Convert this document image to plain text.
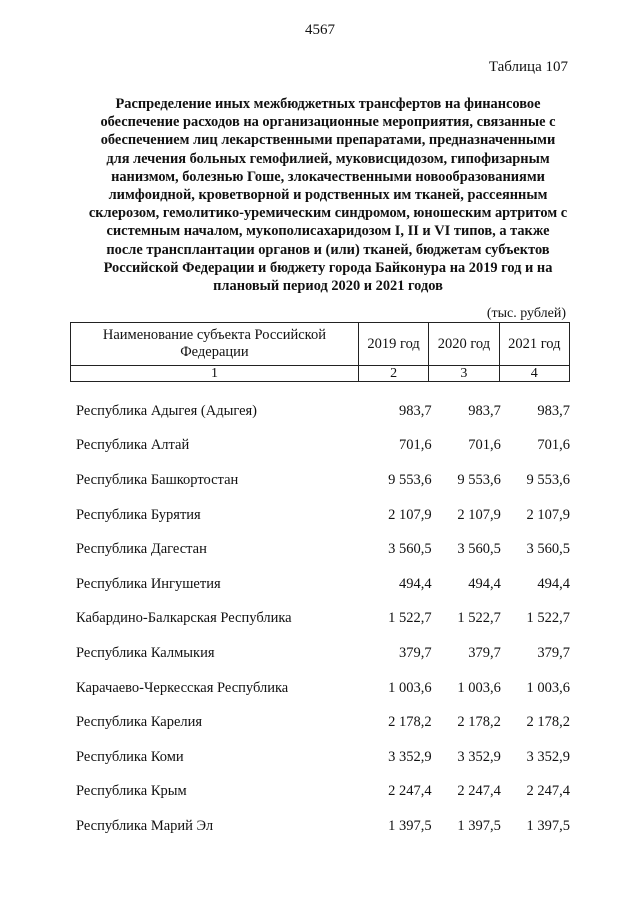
4567
Таблица 107
Распределение иных межбюджетных трансфертов на финансовое обеспечение расходов на организационные мероприятия, связанные с обеспечением лиц лекарственными препаратами, предназначенными для лечения больных гемофилией, муковисцидозом, гипофизарным нанизмом, болезнью Гоше, злокачественными новообразованиями лимфоидной, кроветворной и родственных им тканей, рассеянным склерозом, гемолитико-уремическим синдромом, юношеским артритом с системным началом, мукополисахаридозом I, II и VI типов, а также после трансплантации органов и (или) тканей, бюджетам субъектов Российской Федерации и бюджету города Байконура на 2019 год и на плановый период 2020 и 2021 годов
(тыс. рублей)
Наименование субъекта Российской Федерации	2019 год	2020 год	2021 год
1	2	3	4
Республика Адыгея (Адыгея)	983,7	983,7	983,7
Республика Алтай	701,6	701,6	701,6
Республика Башкортостан	9 553,6	9 553,6	9 553,6
Республика Бурятия	2 107,9	2 107,9	2 107,9
Республика Дагестан	3 560,5	3 560,5	3 560,5
Республика Ингушетия	494,4	494,4	494,4
Кабардино-Балкарская Республика	1 522,7	1 522,7	1 522,7
Республика Калмыкия	379,7	379,7	379,7
Карачаево-Черкесская Республика	1 003,6	1 003,6	1 003,6
Республика Карелия	2 178,2	2 178,2	2 178,2
Республика Коми	3 352,9	3 352,9	3 352,9
Республика Крым	2 247,4	2 247,4	2 247,4
Республика Марий Эл	1 397,5	1 397,5	1 397,5
